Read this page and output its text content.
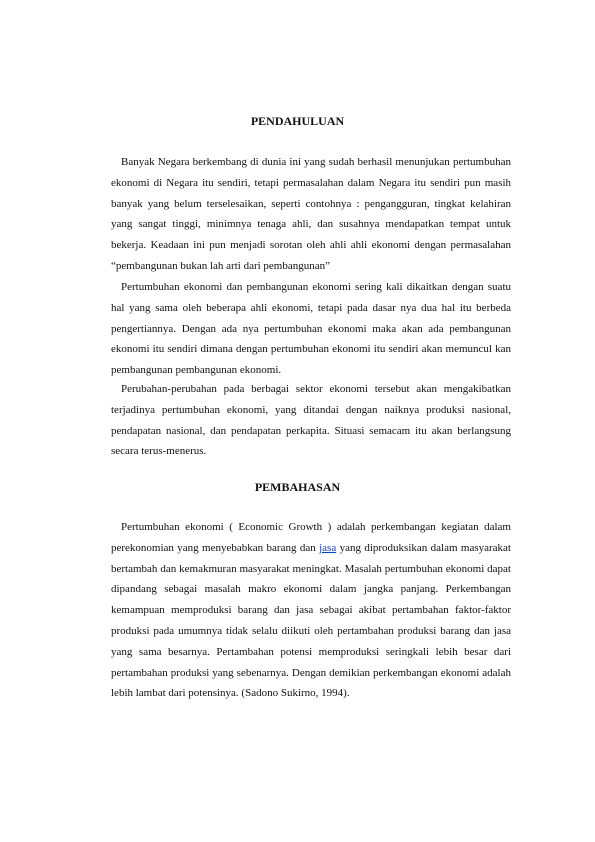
PENDAHULUAN
Banyak Negara berkembang di dunia ini yang sudah berhasil menunjukan pertumbuhan ekonomi di Negara itu sendiri, tetapi permasalahan dalam Negara itu sendiri pun masih banyak yang belum terselesaikan, seperti contohnya : pengangguran, tingkat kelahiran yang sangat tinggi, minimnya tenaga ahli, dan susahnya mendapatkan tempat untuk bekerja. Keadaan ini pun menjadi sorotan oleh ahli ahli ekonomi dengan permasalahan “pembangunan bukan lah arti dari pembangunan”
Pertumbuhan ekonomi dan pembangunan ekonomi sering kali dikaitkan dengan suatu hal yang sama oleh beberapa ahli ekonomi, tetapi pada dasar nya dua hal itu berbeda pengertiannya. Dengan ada nya pertumbuhan ekonomi maka akan ada pembangunan ekonomi itu sendiri dimana dengan pertumbuhan ekonomi itu sendiri akan memuncul kan pembangunan pembangunan ekonomi.
Perubahan-perubahan pada berbagai sektor ekonomi tersebut akan mengakibatkan terjadinya pertumbuhan ekonomi, yang ditandai dengan naiknya produksi nasional, pendapatan nasional, dan pendapatan perkapita. Situasi semacam itu akan berlangsung secara terus-menerus.
PEMBAHASAN
Pertumbuhan ekonomi ( Economic Growth ) adalah perkembangan kegiatan dalam perekonomian yang menyebabkan barang dan jasa yang diproduksikan dalam masyarakat bertambah dan kemakmuran masyarakat meningkat. Masalah pertumbuhan ekonomi dapat dipandang sebagai masalah makro ekonomi dalam jangka panjang. Perkembangan kemampuan memproduksi barang dan jasa sebagai akibat pertambahan faktor-faktor produksi pada umumnya tidak selalu diikuti oleh pertambahan produksi barang dan jasa yang sama besarnya. Pertambahan potensi memproduksi seringkali lebih besar dari pertambahan produksi yang sebenarnya. Dengan demikian perkembangan ekonomi adalah lebih lambat dari potensinya. (Sadono Sukirno, 1994).
